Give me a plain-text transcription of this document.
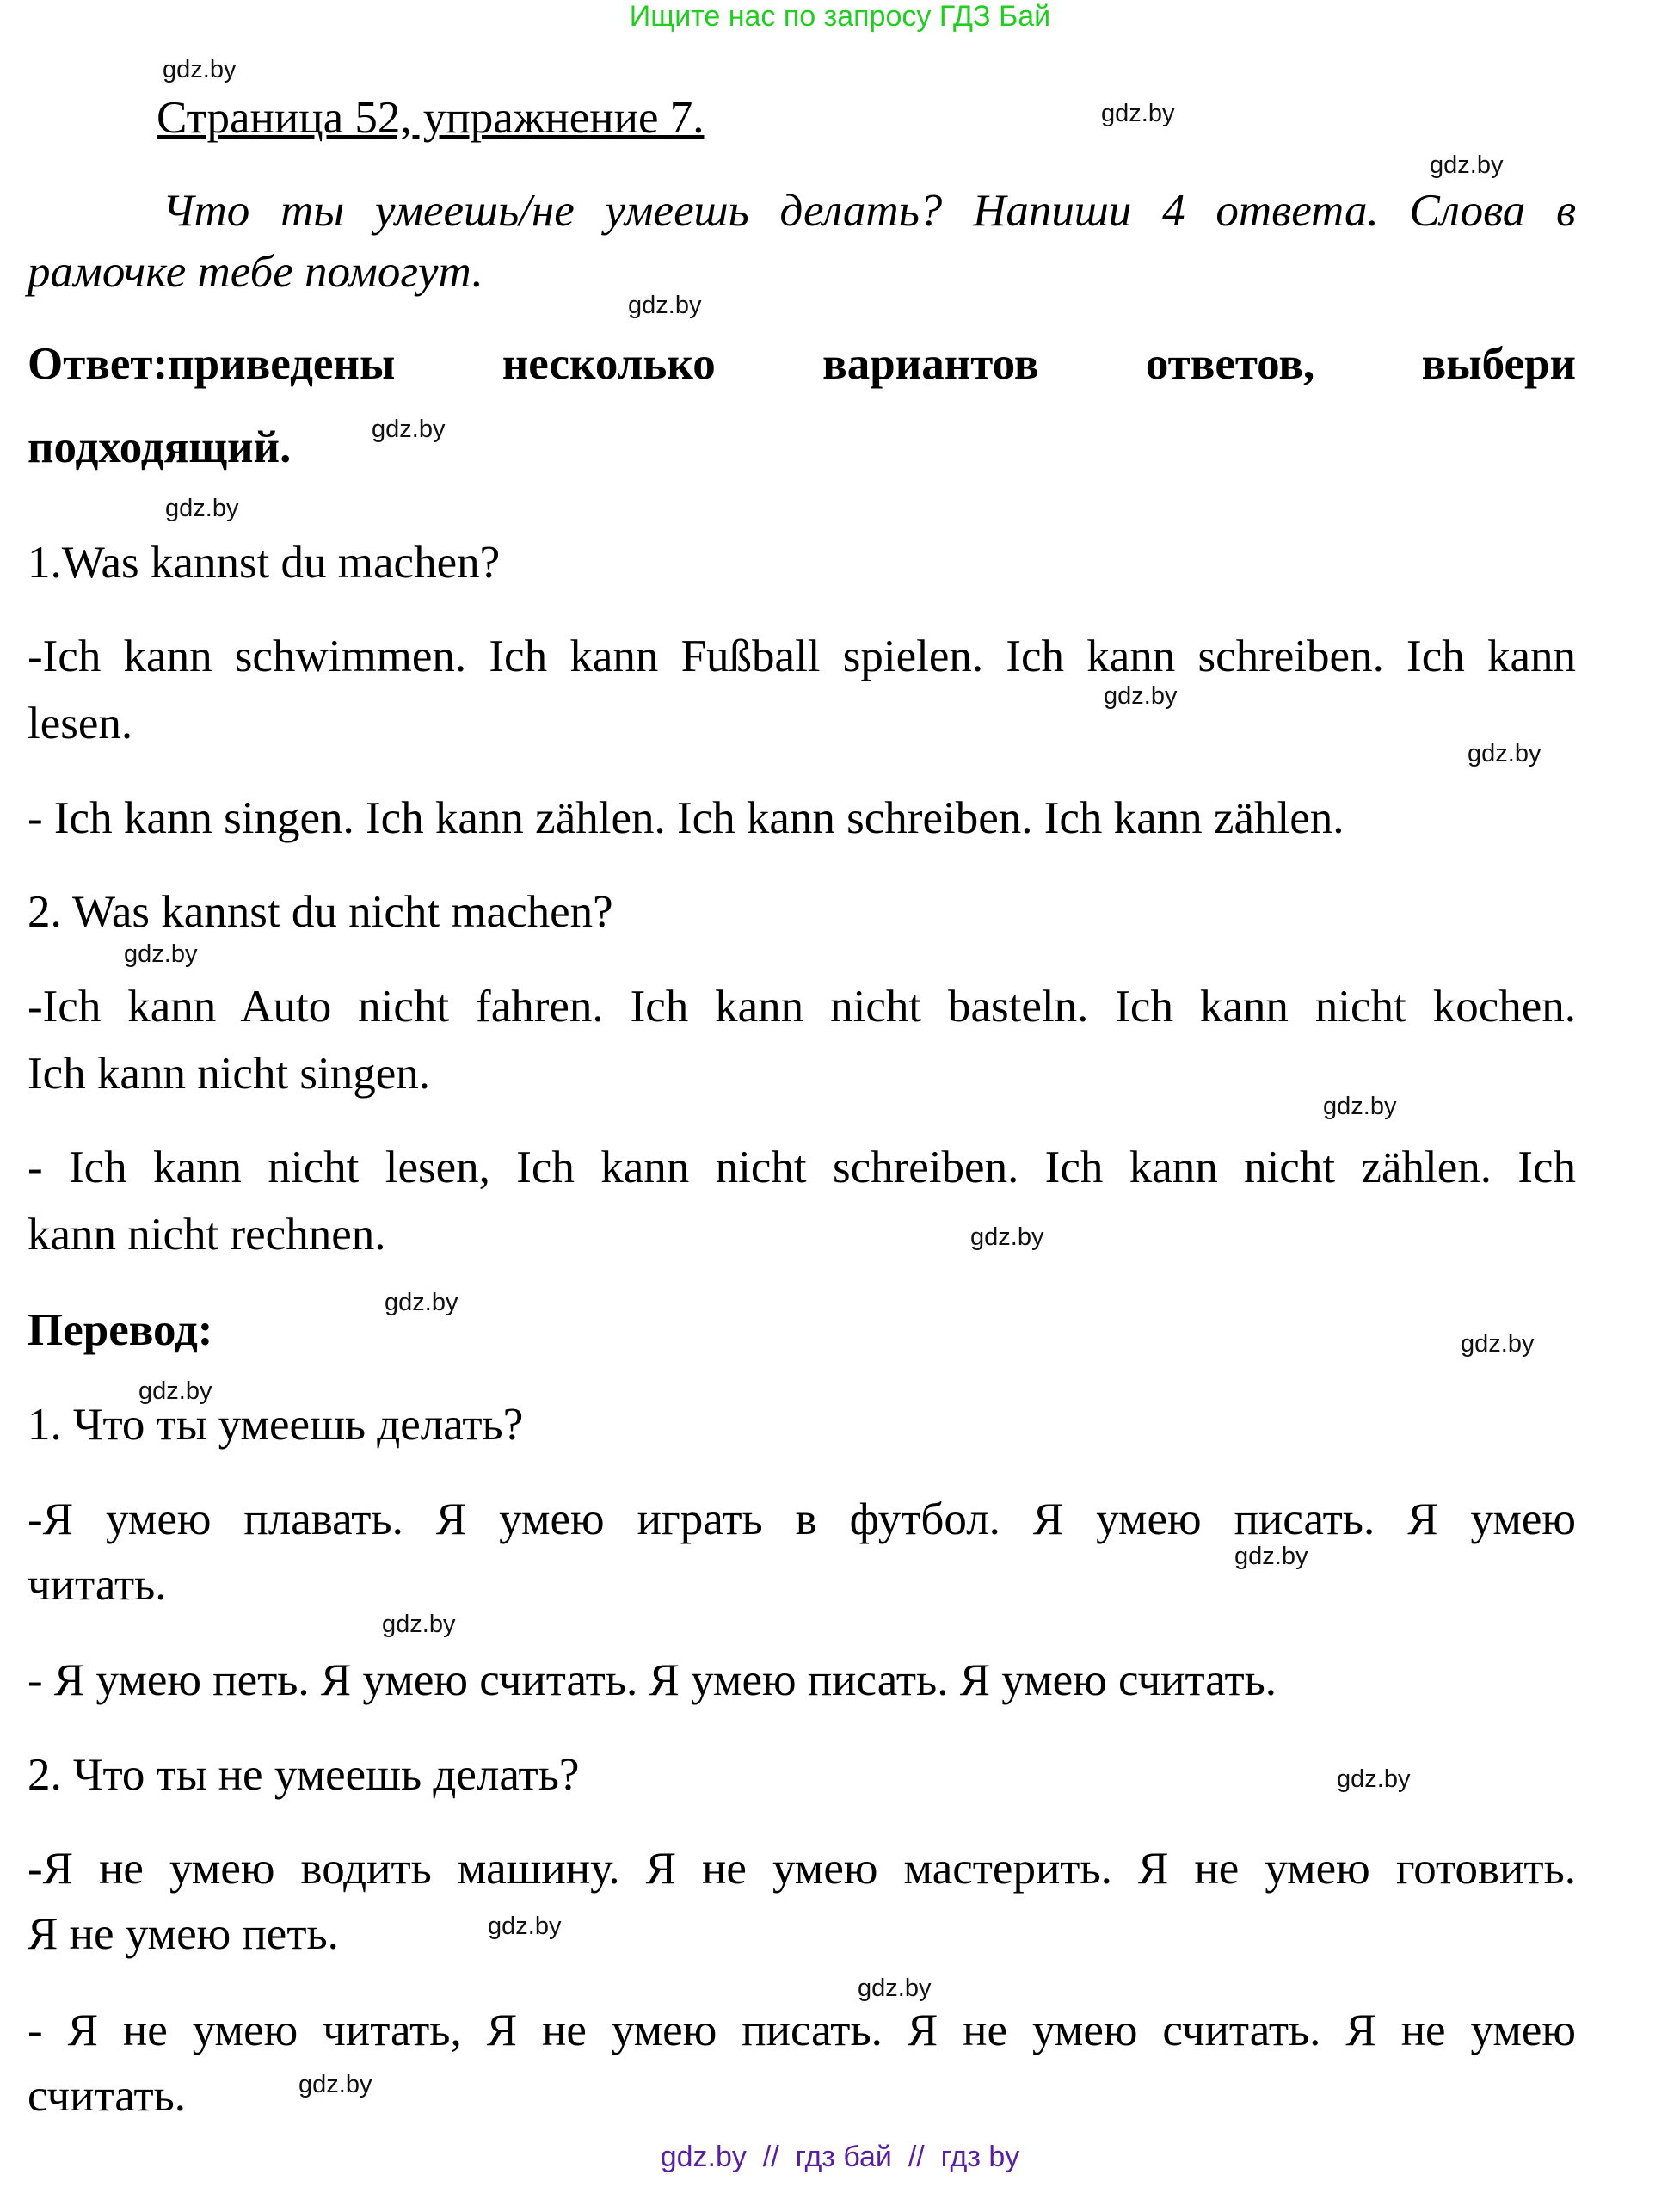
Ищите нас по запросу ГДЗ Бай
Страница 52, упражнение 7.
Что ты умеешь/не умеешь делать? Напиши 4 ответа. Слова в
рамочке тебе помогут.
Ответ:приведены несколько вариантов ответов, выбери
подходящий.
1.Was kannst du machen?
-Ich kann schwimmen. Ich kann Fußball spielen. Ich kann schreiben. Ich kann
lesen.
- Ich kann singen. Ich kann zählen. Ich kann schreiben. Ich kann zählen.
2. Was kannst du nicht machen?
-Ich kann Auto nicht fahren. Ich kann nicht basteln. Ich kann nicht kochen.
Ich kann nicht singen.
- Ich kann nicht lesen, Ich kann nicht schreiben. Ich kann nicht zählen. Ich
kann nicht rechnen.
Перевод:
1. Что ты умеешь делать?
-Я умею плавать. Я умею играть в футбол. Я умею писать. Я умею
читать.
- Я умею петь. Я умею считать. Я умею писать. Я умею считать.
2. Что ты не умеешь делать?
-Я не умею водить машину. Я не умею мастерить. Я не умею готовить.
Я не умею петь.
- Я не умею читать, Я не умею писать. Я не умею считать. Я не умею
считать.
gdz.by
gdz.by
gdz.by
gdz.by
gdz.by
gdz.by
gdz.by
gdz.by
gdz.by
gdz.by
gdz.by
gdz.by
gdz.by
gdz.by
gdz.by
gdz.by
gdz.by
gdz.by
gdz.by
gdz.by
gdz.by  //  гдз бай  //  гдз by
